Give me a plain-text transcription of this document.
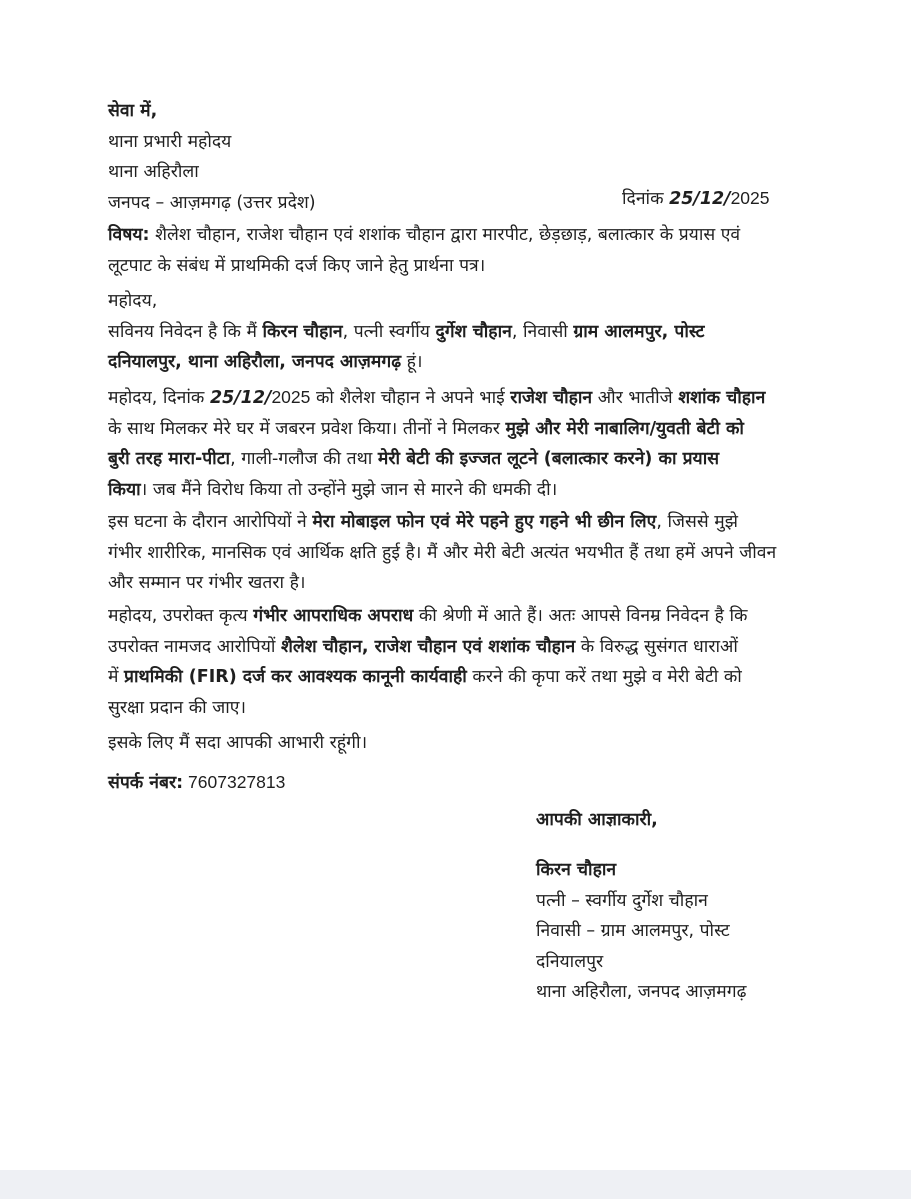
सेवा में,
थाना प्रभारी महोदय
थाना अहिरौला
जनपद – आज़मगढ़ (उत्तर प्रदेश)	दिनांक 25/12/2025
विषय: शैलेश चौहान, राजेश चौहान एवं शशांक चौहान द्वारा मारपीट, छेड़छाड़, बलात्कार के प्रयास एवं
लूटपाट के संबंध में प्राथमिकी दर्ज किए जाने हेतु प्रार्थना पत्र।
महोदय,
सविनय निवेदन है कि मैं किरन चौहान, पत्नी स्वर्गीय दुर्गेश चौहान, निवासी ग्राम आलमपुर, पोस्ट
दनियालपुर, थाना अहिरौला, जनपद आज़मगढ़ हूं।
महोदय, दिनांक 25/12/2025 को शैलेश चौहान ने अपने भाई राजेश चौहान और भातीजे शशांक चौहान
के साथ मिलकर मेरे घर में जबरन प्रवेश किया। तीनों ने मिलकर मुझे और मेरी नाबालिग/युवती बेटी को
बुरी तरह मारा-पीटा, गाली-गलौज की तथा मेरी बेटी की इज्जत लूटने (बलात्कार करने) का प्रयास
किया। जब मैंने विरोध किया तो उन्होंने मुझे जान से मारने की धमकी दी।
इस घटना के दौरान आरोपियों ने मेरा मोबाइल फोन एवं मेरे पहने हुए गहने भी छीन लिए, जिससे मुझे
गंभीर शारीरिक, मानसिक एवं आर्थिक क्षति हुई है। मैं और मेरी बेटी अत्यंत भयभीत हैं तथा हमें अपने जीवन
और सम्मान पर गंभीर खतरा है।
महोदय, उपरोक्त कृत्य गंभीर आपराधिक अपराध की श्रेणी में आते हैं। अतः आपसे विनम्र निवेदन है कि
उपरोक्त नामजद आरोपियों शैलेश चौहान, राजेश चौहान एवं शशांक चौहान के विरुद्ध सुसंगत धाराओं
में प्राथमिकी (FIR) दर्ज कर आवश्यक कानूनी कार्यवाही करने की कृपा करें तथा मुझे व मेरी बेटी को
सुरक्षा प्रदान की जाए।
इसके लिए मैं सदा आपकी आभारी रहूंगी।
संपर्क नंबर: 7607327813
आपकी आज्ञाकारी,
किरन चौहान
पत्नी – स्वर्गीय दुर्गेश चौहान
निवासी – ग्राम आलमपुर, पोस्ट
दनियालपुर
थाना अहिरौला, जनपद आज़मगढ़
